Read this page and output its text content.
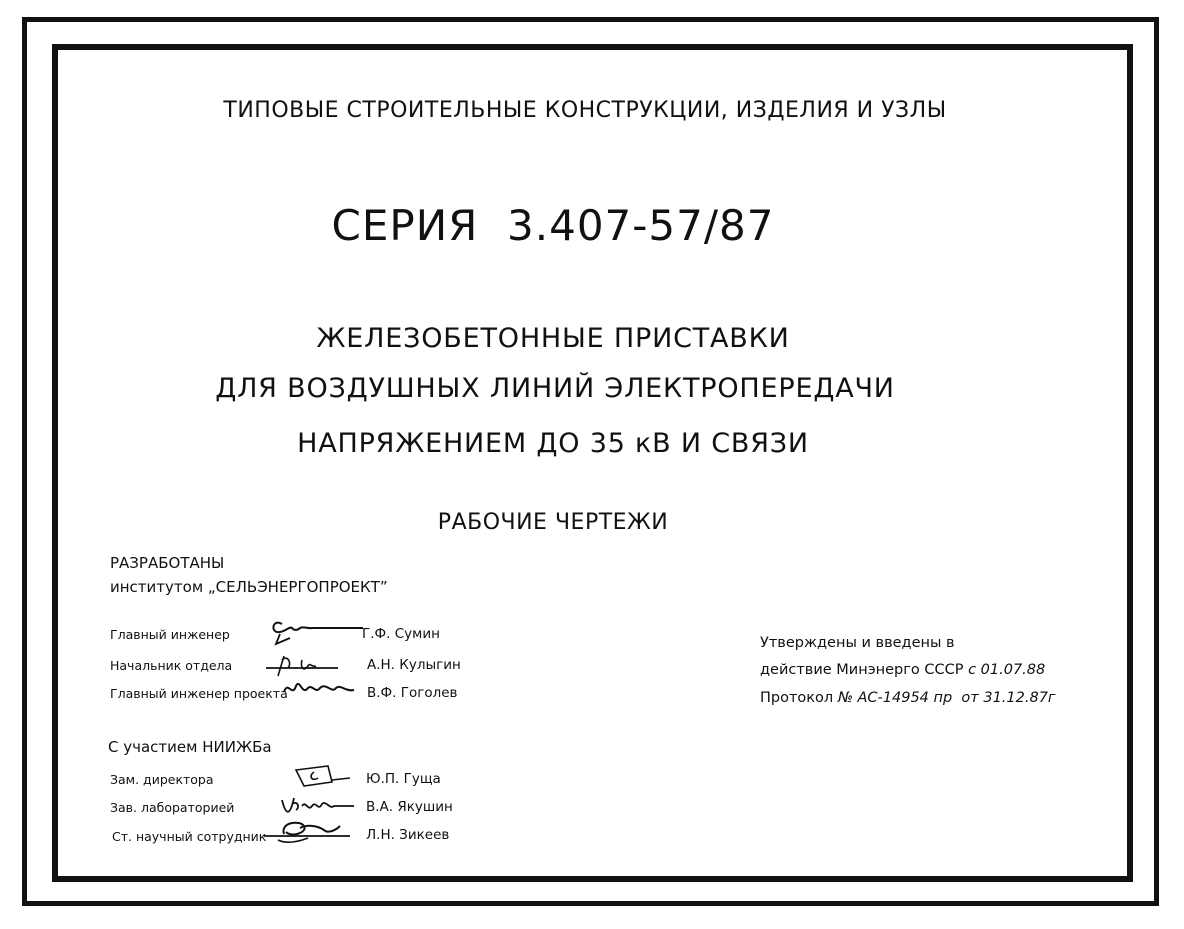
ТИПОВЫЕ СТРОИТЕЛЬНЫЕ КОНСТРУКЦИИ, ИЗДЕЛИЯ И УЗЛЫ
СЕРИЯ  3.407-57/87
ЖЕЛЕЗОБЕТОННЫЕ ПРИСТАВКИ
ДЛЯ ВОЗДУШНЫХ ЛИНИЙ ЭЛЕКТРОПЕРЕДАЧИ
НАПРЯЖЕНИЕМ ДО 35 кВ И СВЯЗИ
РАБОЧИЕ ЧЕРТЕЖИ
РАЗРАБОТАНЫ
институтом „СЕЛЬЭНЕРГОПРОЕКТ”
Главный инженер	Г.Ф. Сумин
Начальник отдела	А.Н. Кулыгин
Главный инженер проекта	В.Ф. Гоголев
С участием НИИЖБа
Зам. директора	Ю.П. Гуща
Зав. лабораторией	В.А. Якушин
Ст. научный сотрудник	Л.Н. Зикеев
Утверждены и введены в
действие Минэнерго СССР с 01.07.88
Протокол № АС-14954 пр  от 31.12.87г
